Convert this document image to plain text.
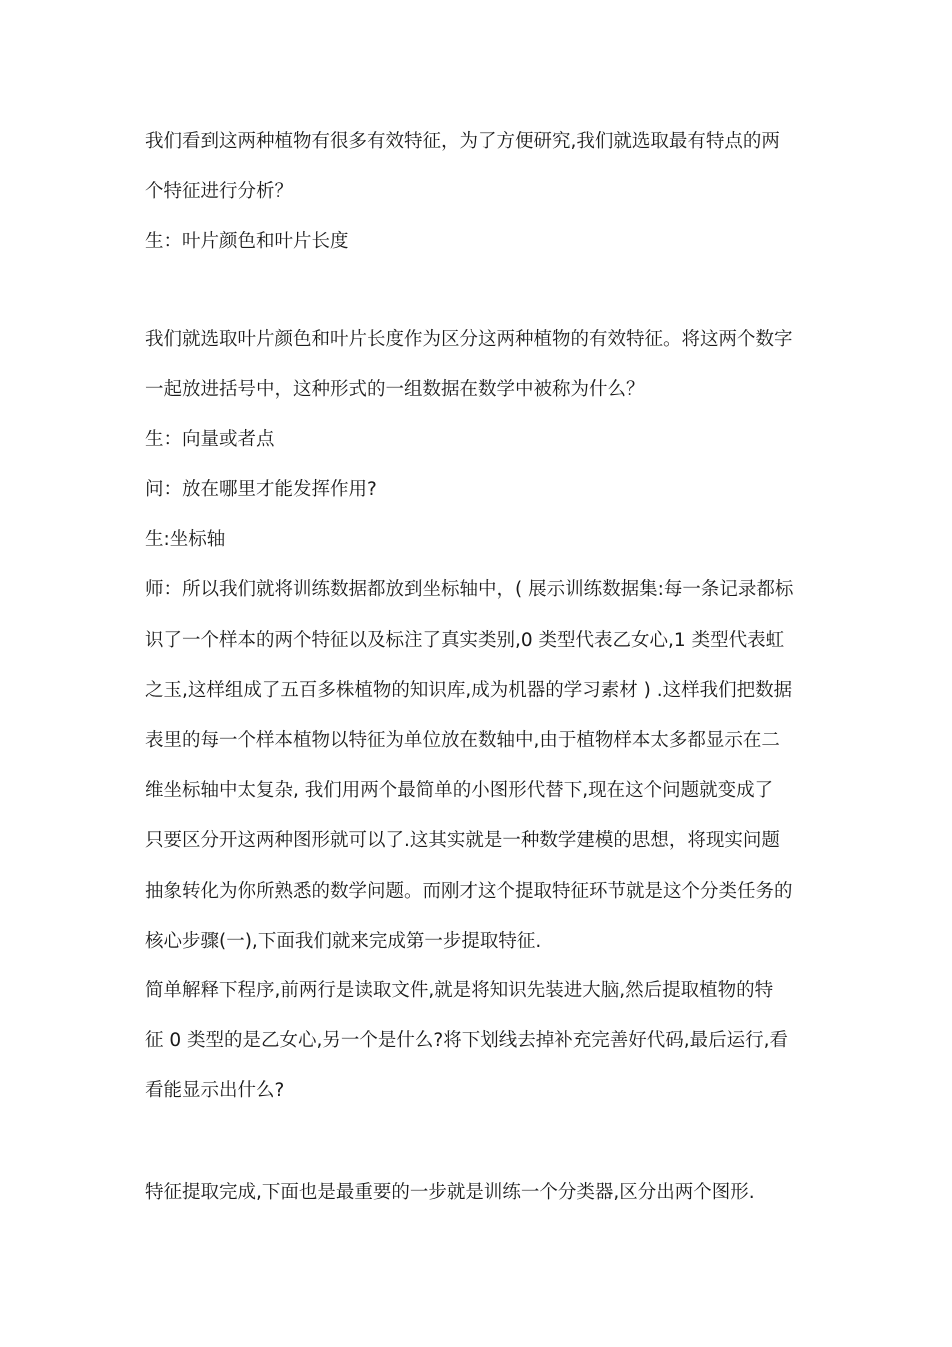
我们看到这两种植物有很多有效特征，为了方便研究,我们就选取最有特点的两
个特征进行分析？
生：叶片颜色和叶片长度
我们就选取叶片颜色和叶片长度作为区分这两种植物的有效特征。将这两个数字
一起放进括号中，这种形式的一组数据在数学中被称为什么？
生：向量或者点
问：放在哪里才能发挥作用?
生:坐标轴
师：所以我们就将训练数据都放到坐标轴中，( 展示训练数据集:每一条记录都标
识了一个样本的两个特征以及标注了真实类别,0 类型代表乙女心,1 类型代表虹
之玉,这样组成了五百多株植物的知识库,成为机器的学习素材 ) .这样我们把数据
表里的每一个样本植物以特征为单位放在数轴中,由于植物样本太多都显示在二
维坐标轴中太复杂, 我们用两个最简单的小图形代替下,现在这个问题就变成了
只要区分开这两种图形就可以了.这其实就是一种数学建模的思想，将现实问题
抽象转化为你所熟悉的数学问题。而刚才这个提取特征环节就是这个分类任务的
核心步骤(一),下面我们就来完成第一步提取特征.
简单解释下程序,前两行是读取文件,就是将知识先装进大脑,然后提取植物的特
征 0 类型的是乙女心,另一个是什么?将下划线去掉补充完善好代码,最后运行,看
看能显示出什么?
特征提取完成,下面也是最重要的一步就是训练一个分类器,区分出两个图形.
